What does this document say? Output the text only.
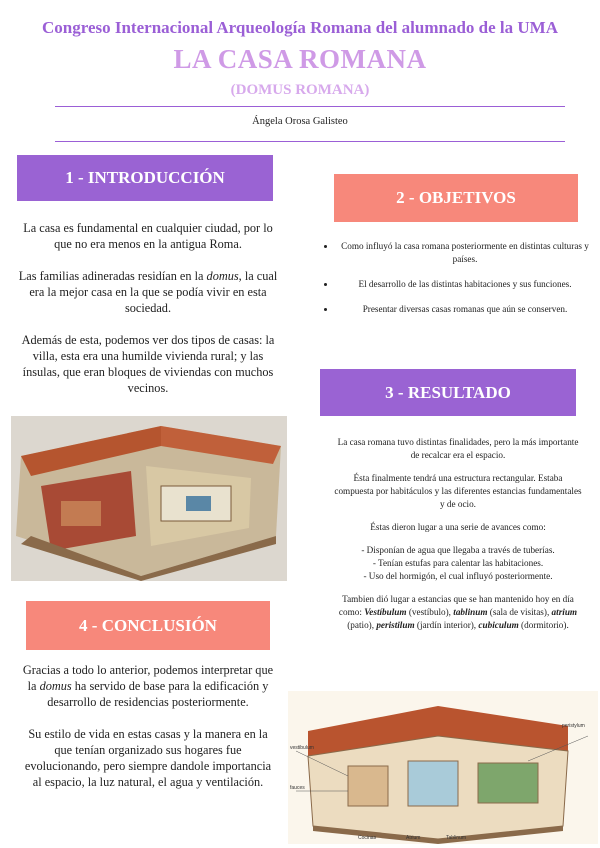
Congreso Internacional Arqueología Romana del alumnado de la UMA
LA CASA ROMANA
(DOMUS ROMANA)
Ángela Orosa Galisteo
1 - INTRODUCCIÓN

La casa es fundamental en cualquier ciudad, por lo que no era menos en la antigua Roma.

Las familias adineradas residían en la domus, la cual era la mejor casa en la que se podía vivir en esta sociedad.

Además de esta, podemos ver dos tipos de casas: la villa, esta era una humilde vivienda rural; y las ínsulas, que eran bloques de viviendas con muchos vecinos.

4 - CONCLUSIÓN

Gracias a todo lo anterior, podemos interpretar que la domus ha servido de base para la edificación y desarrollo de residencias posteriormente.

Su estilo de vida en estas casas y la manera en la que tenían organizado sus hogares fue evolucionando, pero siempre dandole importancia al espacio, la luz natural, el agua y ventilación.

2 - OBJETIVOS
• Como influyó la casa romana posteriormente en distintas culturas y países.
• El desarrollo de las distintas habitaciones y sus funciones.
• Presentar diversas casas romanas que aún se conserven.
3 - RESULTADO

La casa romana tuvo distintas finalidades, pero la más importante de recalcar era el espacio.

Ésta finalmente tendrá una estructura rectangular. Estaba compuesta por habitáculos y las diferentes estancias fundamentales y de ocio.

Éstas dieron lugar a una serie de avances como:

- Disponían de agua que llegaba a través de tuberías.
- Tenían estufas para calentar las habitaciones.
- Uso del hormigón, el cual influyó posteriormente.

Tambien dió lugar a estancias que se han mantenido hoy en día como: Vestíbulum (vestíbulo), tablinum (sala de visitas), atrium (patio), peristilum (jardín interior), cubiculum (dormitorio).

peristylum
vestibulum
fauces
Cocinas	Atrium	Tablinum
